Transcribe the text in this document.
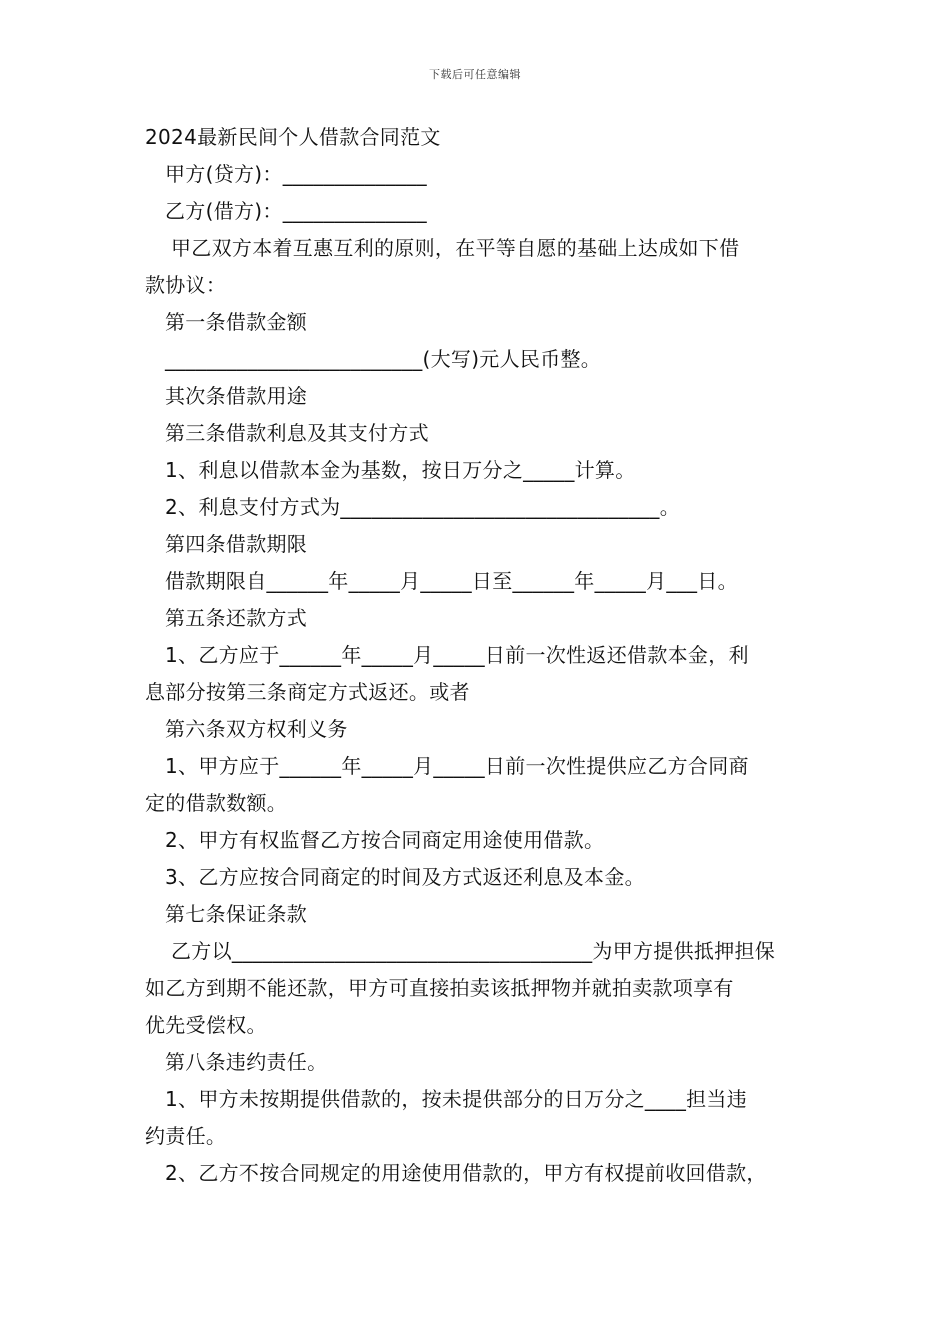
下载后可任意编辑
2024最新民间个人借款合同范文
甲方(贷方)：______________
乙方(借方)：______________
甲乙双方本着互惠互利的原则，在平等自愿的基础上达成如下借
款协议：
第一条借款金额
_________________________(大写)元人民币整。
其次条借款用途
第三条借款利息及其支付方式
1、利息以借款本金为基数，按日万分之_____计算。
2、利息支付方式为_______________________________。
第四条借款期限
借款期限自______年_____月_____日至______年_____月___日。
第五条还款方式
1、乙方应于______年_____月_____日前一次性返还借款本金，利
息部分按第三条商定方式返还。或者
第六条双方权利义务
1、甲方应于______年_____月_____日前一次性提供应乙方合同商
定的借款数额。
2、甲方有权监督乙方按合同商定用途使用借款。
3、乙方应按合同商定的时间及方式返还利息及本金。
第七条保证条款
乙方以___________________________________为甲方提供抵押担保
如乙方到期不能还款，甲方可直接拍卖该抵押物并就拍卖款项享有
优先受偿权。
第八条违约责任。
1、甲方未按期提供借款的，按未提供部分的日万分之____担当违
约责任。
2、乙方不按合同规定的用途使用借款的，甲方有权提前收回借款，
